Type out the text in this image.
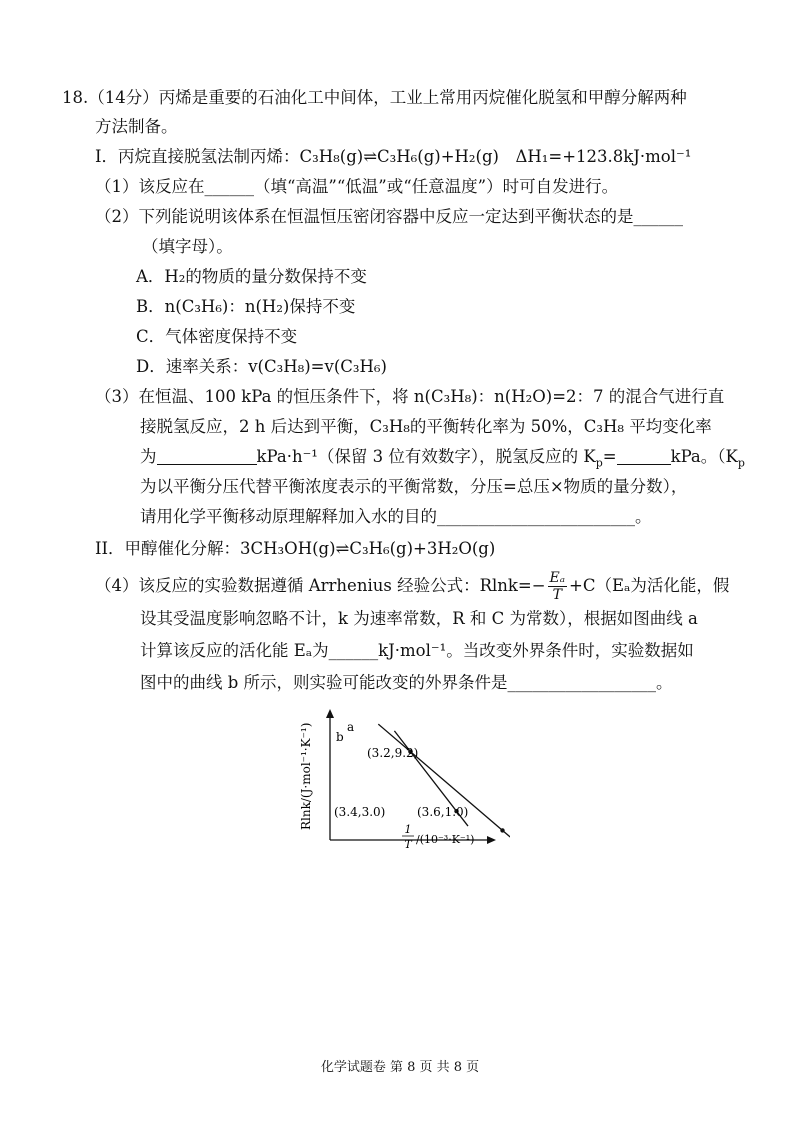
18.（14分）丙烯是重要的石油化工中间体，工业上常用丙烷催化脱氢和甲醇分解两种
方法制备。
I．丙烷直接脱氢法制丙烯：C₃H₈(g)⇌C₃H₆(g)+H₂(g)　ΔH₁=+123.8kJ·mol⁻¹
（1）该反应在______（填“高温”“低温”或“任意温度”）时可自发进行。
（2）下列能说明该体系在恒温恒压密闭容器中反应一定达到平衡状态的是______
（填字母）。
A．H₂的物质的量分数保持不变
B．n(C₃H₆)：n(H₂)保持不变
C．气体密度保持不变
D．速率关系：v(C₃H₈)=v(C₃H₆)
（3）在恒温、100 kPa 的恒压条件下，将 n(C₃H₈)：n(H₂O)=2：7 的混合气进行直
接脱氢反应，2 h 后达到平衡，C₃H₈的平衡转化率为 50%，C₃H₈ 平均变化率
为	kPa·h⁻¹（保留 3 位有效数字），脱氢反应的 $K_p=$	kPa。（$K_p$
为以平衡分压代替平衡浓度表示的平衡常数，分压=总压×物质的量分数），
请用化学平衡移动原理解释加入水的目的________________________。
II．甲醇催化分解：3CH₃OH(g)⇌C₃H₆(g)+3H₂O(g)
（4）该反应的实验数据遵循 Arrhenius 经验公式：$Rlnk=- \frac{\text{Eₐ}}{T} +C(E_a$为活化能，假
设其受温度影响忽略不计，k 为速率常数，R 和 C 为常数），根据如图曲线 a
计算该反应的活化能 Eₐ为______kJ·mol⁻¹。当改变外界条件时，实验数据如
图中的曲线 b 所示，则实验可能改变的外界条件是__________________。
Rlnk/(J·mol⁻¹·K⁻¹)	1
T /(10⁻³·K⁻¹)
a
b
(3.2,9.2)
(3.4,3.0)	(3.6,1.0)
化学试题卷 第 8 页 共 8 页
